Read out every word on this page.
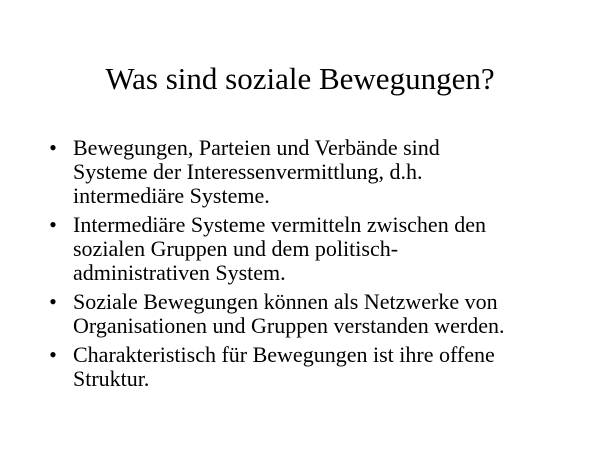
Was sind soziale Bewegungen?
• Bewegungen, Parteien und Verbände sind
Systeme der Interessenvermittlung, d.h.
intermediäre Systeme.
• Intermediäre Systeme vermitteln zwischen den
sozialen Gruppen und dem politisch-
administrativen System.
• Soziale Bewegungen können als Netzwerke von
Organisationen und Gruppen verstanden werden.
• Charakteristisch für Bewegungen ist ihre offene
Struktur.
